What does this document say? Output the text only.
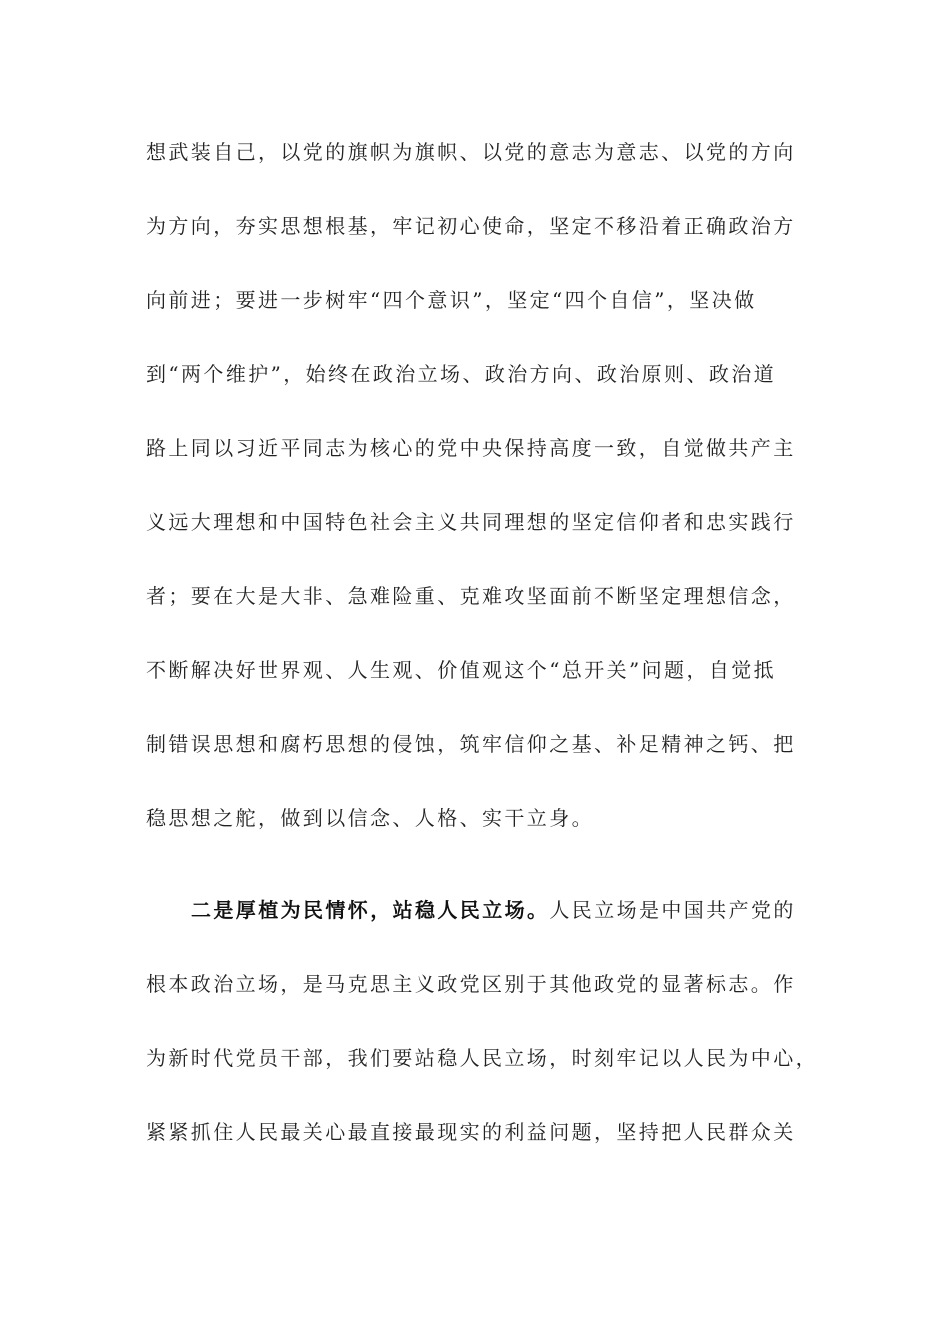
想武装自己，以党的旗帜为旗帜、以党的意志为意志、以党的方向
为方向，夯实思想根基，牢记初心使命，坚定不移沿着正确政治方
向前进；要进一步树牢“四个意识”，坚定“四个自信”，坚决做
到“两个维护”，始终在政治立场、政治方向、政治原则、政治道
路上同以习近平同志为核心的党中央保持高度一致，自觉做共产主
义远大理想和中国特色社会主义共同理想的坚定信仰者和忠实践行
者；要在大是大非、急难险重、克难攻坚面前不断坚定理想信念，
不断解决好世界观、人生观、价值观这个“总开关”问题，自觉抵
制错误思想和腐朽思想的侵蚀，筑牢信仰之基、补足精神之钙、把
稳思想之舵，做到以信念、人格、实干立身。
二是厚植为民情怀，站稳人民立场。人民立场是中国共产党的
根本政治立场，是马克思主义政党区别于其他政党的显著标志。作
为新时代党员干部，我们要站稳人民立场，时刻牢记以人民为中心，
紧紧抓住人民最关心最直接最现实的利益问题，坚持把人民群众关
